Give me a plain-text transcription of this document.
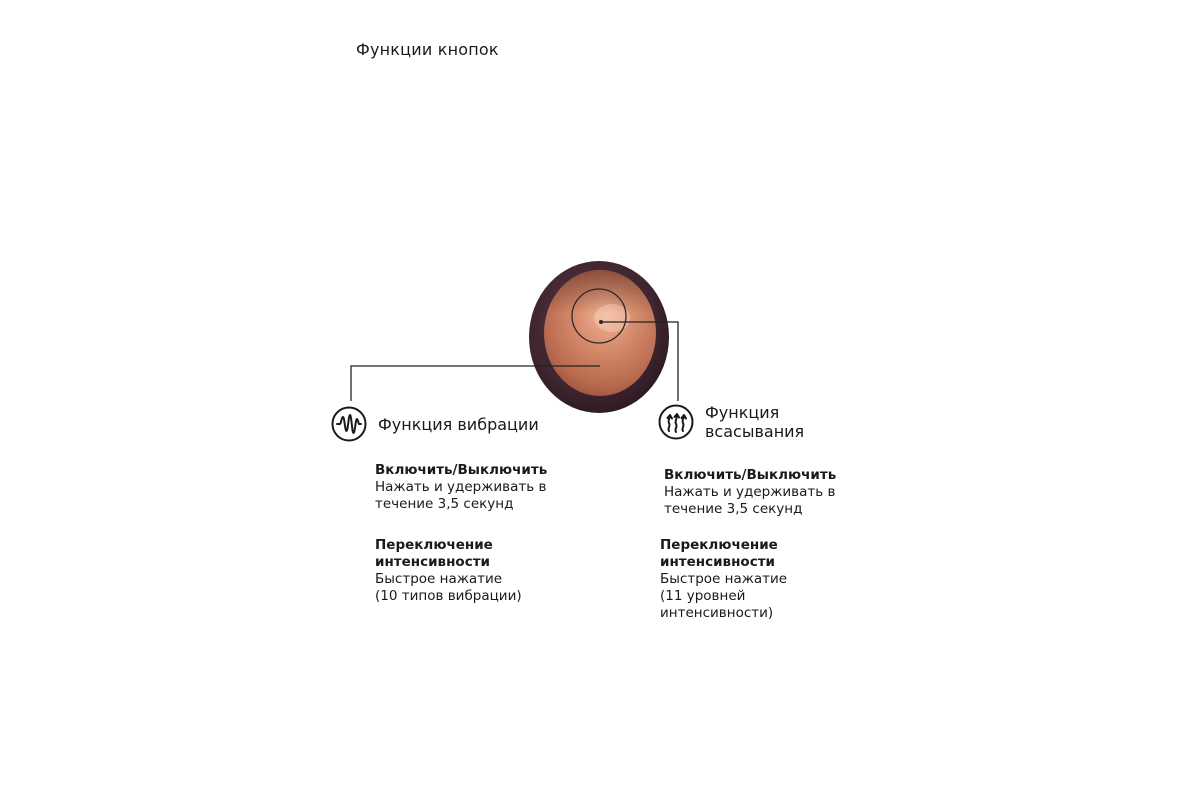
Функции кнопок
Функция вибрации
Включить/Выключить
Нажать и удерживать в
течение 3,5 секунд
Переключение
интенсивности
Быстрое нажатие
(10 типов вибрации)
Функция
всасывания
Включить/Выключить
Нажать и удерживать в
течение 3,5 секунд
Переключение
интенсивности
Быстрое нажатие
(11 уровней
интенсивности)
